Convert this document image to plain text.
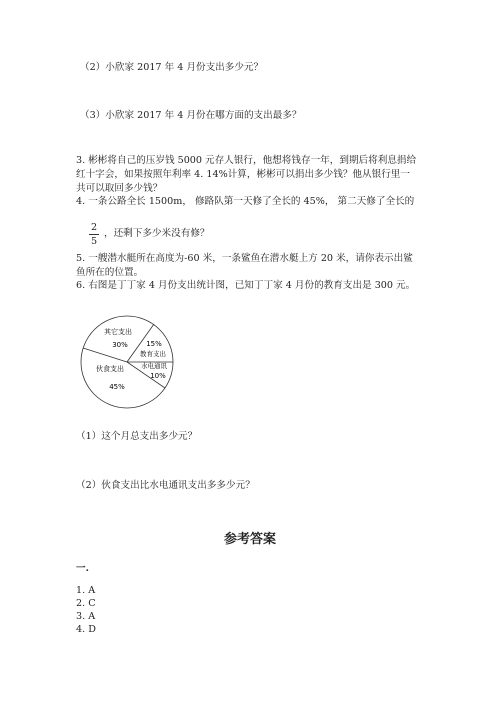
（2）小欣家 2017 年 4 月份支出多少元？
（3）小欣家 2017 年 4 月份在哪方面的支出最多？
3. 彬彬将自己的压岁钱 5000 元存人银行，他想将钱存一年，到期后将利息捐给
红十字会，如果按照年利率 4. 14%计算，彬彬可以捐出多少钱？他从银行里一
共可以取回多少钱？
4. 一条公路全长 1500m， 修路队第一天修了全长的 45%， 第二天修了全长的
2
5
，还剩下多少米没有修？
5. 一艘潜水艇所在高度为-60 米，一条鲨鱼在潜水艇上方 20 米，请你表示出鲨
鱼所在的位置。
6. 右图是丁丁家 4 月份支出统计图，已知丁丁家 4 月份的教育支出是 300 元。
其它支出
30%	15%
教育支出
水电通讯
10%
伙食支出
45%
（1）这个月总支出多少元？
（2）伙食支出比水电通讯支出多多少元？
参考答案
一.
1. A
2. C
3. A
4. D
